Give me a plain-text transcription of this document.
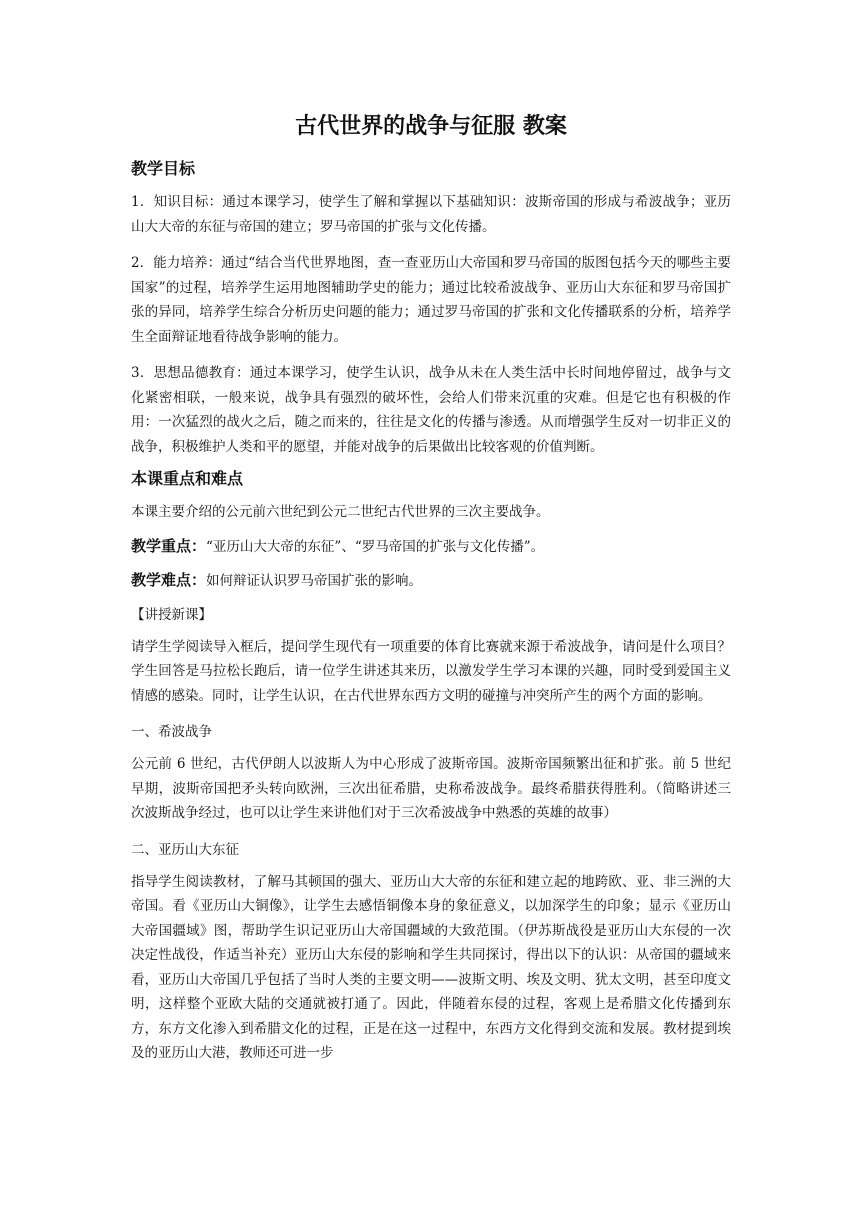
古代世界的战争与征服 教案
教学目标

1．知识目标：通过本课学习，使学生了解和掌握以下基础知识：波斯帝国的形成与希波战争；亚历山大大帝的东征与帝国的建立；罗马帝国的扩张与文化传播。

2．能力培养：通过“结合当代世界地图，查一查亚历山大帝国和罗马帝国的版图包括今天的哪些主要国家”的过程，培养学生运用地图辅助学史的能力；通过比较希波战争、亚历山大东征和罗马帝国扩张的异同，培养学生综合分析历史问题的能力；通过罗马帝国的扩张和文化传播联系的分析，培养学生全面辩证地看待战争影响的能力。

3．思想品德教育：通过本课学习，使学生认识，战争从未在人类生活中长时间地停留过，战争与文化紧密相联，一般来说，战争具有强烈的破坏性，会给人们带来沉重的灾难。但是它也有积极的作用：一次猛烈的战火之后，随之而来的，往往是文化的传播与渗透。从而增强学生反对一切非正义的战争，积极维护人类和平的愿望，并能对战争的后果做出比较客观的价值判断。

本课重点和难点

本课主要介绍的公元前六世纪到公元二世纪古代世界的三次主要战争。

教学重点：“亚历山大大帝的东征”、“罗马帝国的扩张与文化传播”。

教学难点：如何辩证认识罗马帝国扩张的影响。

【讲授新课】

请学生学阅读导入框后，提问学生现代有一项重要的体育比赛就来源于希波战争，请问是什么项目？学生回答是马拉松长跑后，请一位学生讲述其来历，以激发学生学习本课的兴趣，同时受到爱国主义情感的感染。同时，让学生认识，在古代世界东西方文明的碰撞与冲突所产生的两个方面的影响。

一、希波战争

公元前 6 世纪，古代伊朗人以波斯人为中心形成了波斯帝国。波斯帝国频繁出征和扩张。前 5 世纪早期，波斯帝国把矛头转向欧洲，三次出征希腊，史称希波战争。最终希腊获得胜利。（简略讲述三次波斯战争经过，也可以让学生来讲他们对于三次希波战争中熟悉的英雄的故事）

二、亚历山大东征

指导学生阅读教材，了解马其顿国的强大、亚历山大大帝的东征和建立起的地跨欧、亚、非三洲的大帝国。看《亚历山大铜像》，让学生去感悟铜像本身的象征意义，以加深学生的印象；显示《亚历山大帝国疆域》图，帮助学生识记亚历山大帝国疆域的大致范围。（伊苏斯战役是亚历山大东侵的一次决定性战役，作适当补充）亚历山大东侵的影响和学生共同探讨，得出以下的认识：从帝国的疆域来看，亚历山大帝国几乎包括了当时人类的主要文明——波斯文明、埃及文明、犹太文明，甚至印度文明，这样整个亚欧大陆的交通就被打通了。因此，伴随着东侵的过程，客观上是希腊文化传播到东方，东方文化渗入到希腊文化的过程，正是在这一过程中，东西方文化得到交流和发展。教材提到埃及的亚历山大港，教师还可进一步
